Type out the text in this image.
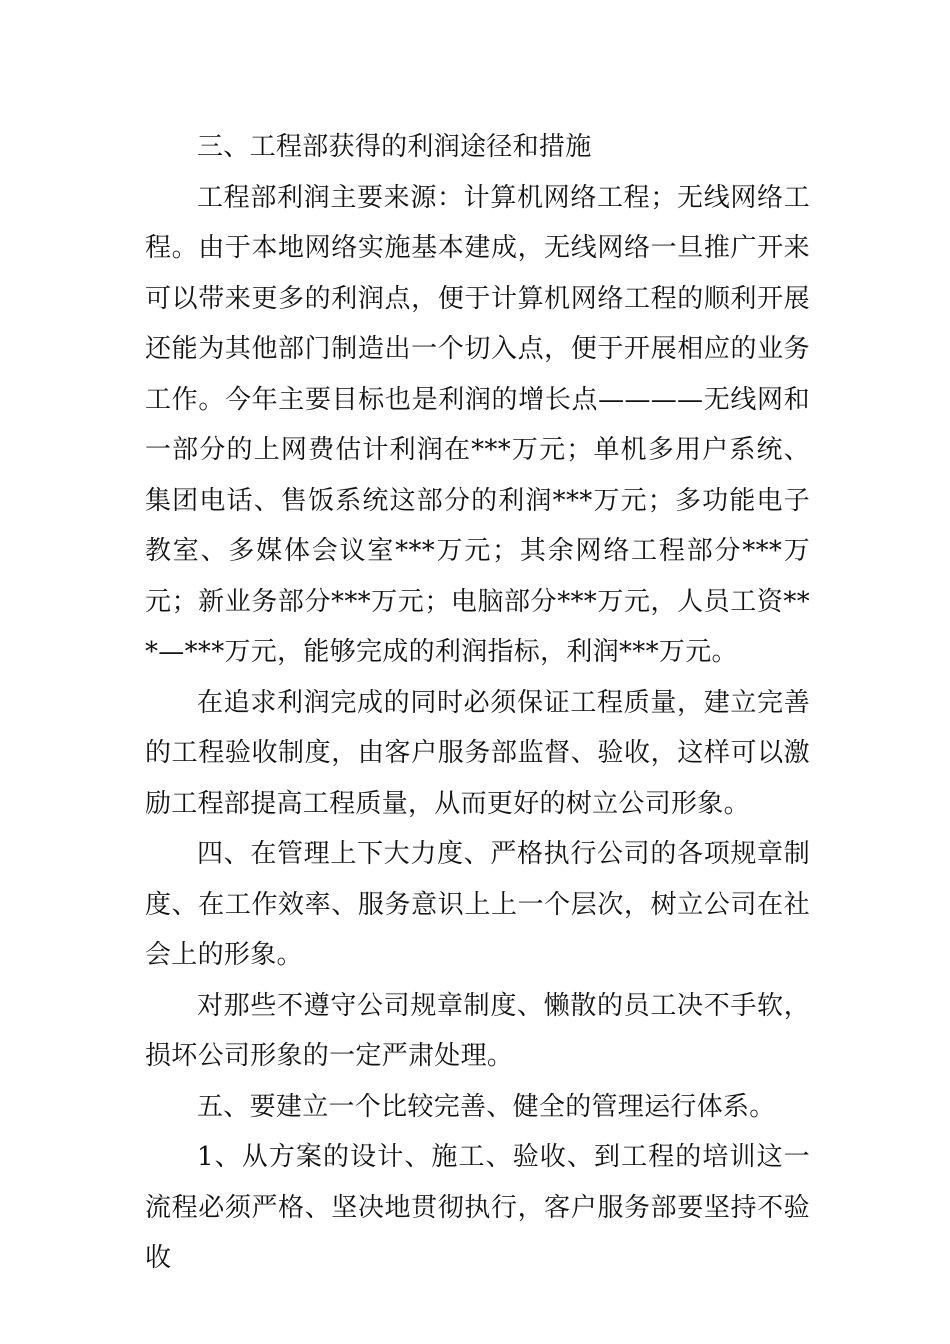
三、工程部获得的利润途径和措施

工程部利润主要来源：计算机网络工程；无线网络工程。由于本地网络实施基本建成，无线网络一旦推广开来可以带来更多的利润点，便于计算机网络工程的顺利开展还能为其他部门制造出一个切入点，便于开展相应的业务工作。今年主要目标也是利润的增长点————无线网和一部分的上网费估计利润在***万元；单机多用户系统、集团电话、售饭系统这部分的利润***万元；多功能电子教室、多媒体会议室***万元；其余网络工程部分***万元；新业务部分***万元；电脑部分***万元，人员工资***—***万元，能够完成的利润指标，利润***万元。

在追求利润完成的同时必须保证工程质量，建立完善的工程验收制度，由客户服务部监督、验收，这样可以激励工程部提高工程质量，从而更好的树立公司形象。

四、在管理上下大力度、严格执行公司的各项规章制度、在工作效率、服务意识上上一个层次，树立公司在社会上的形象。

对那些不遵守公司规章制度、懒散的员工决不手软，损坏公司形象的一定严肃处理。

五、要建立一个比较完善、健全的管理运行体系。

1、从方案的设计、施工、验收、到工程的培训这一流程必须严格、坚决地贯彻执行，客户服务部要坚持不验收
